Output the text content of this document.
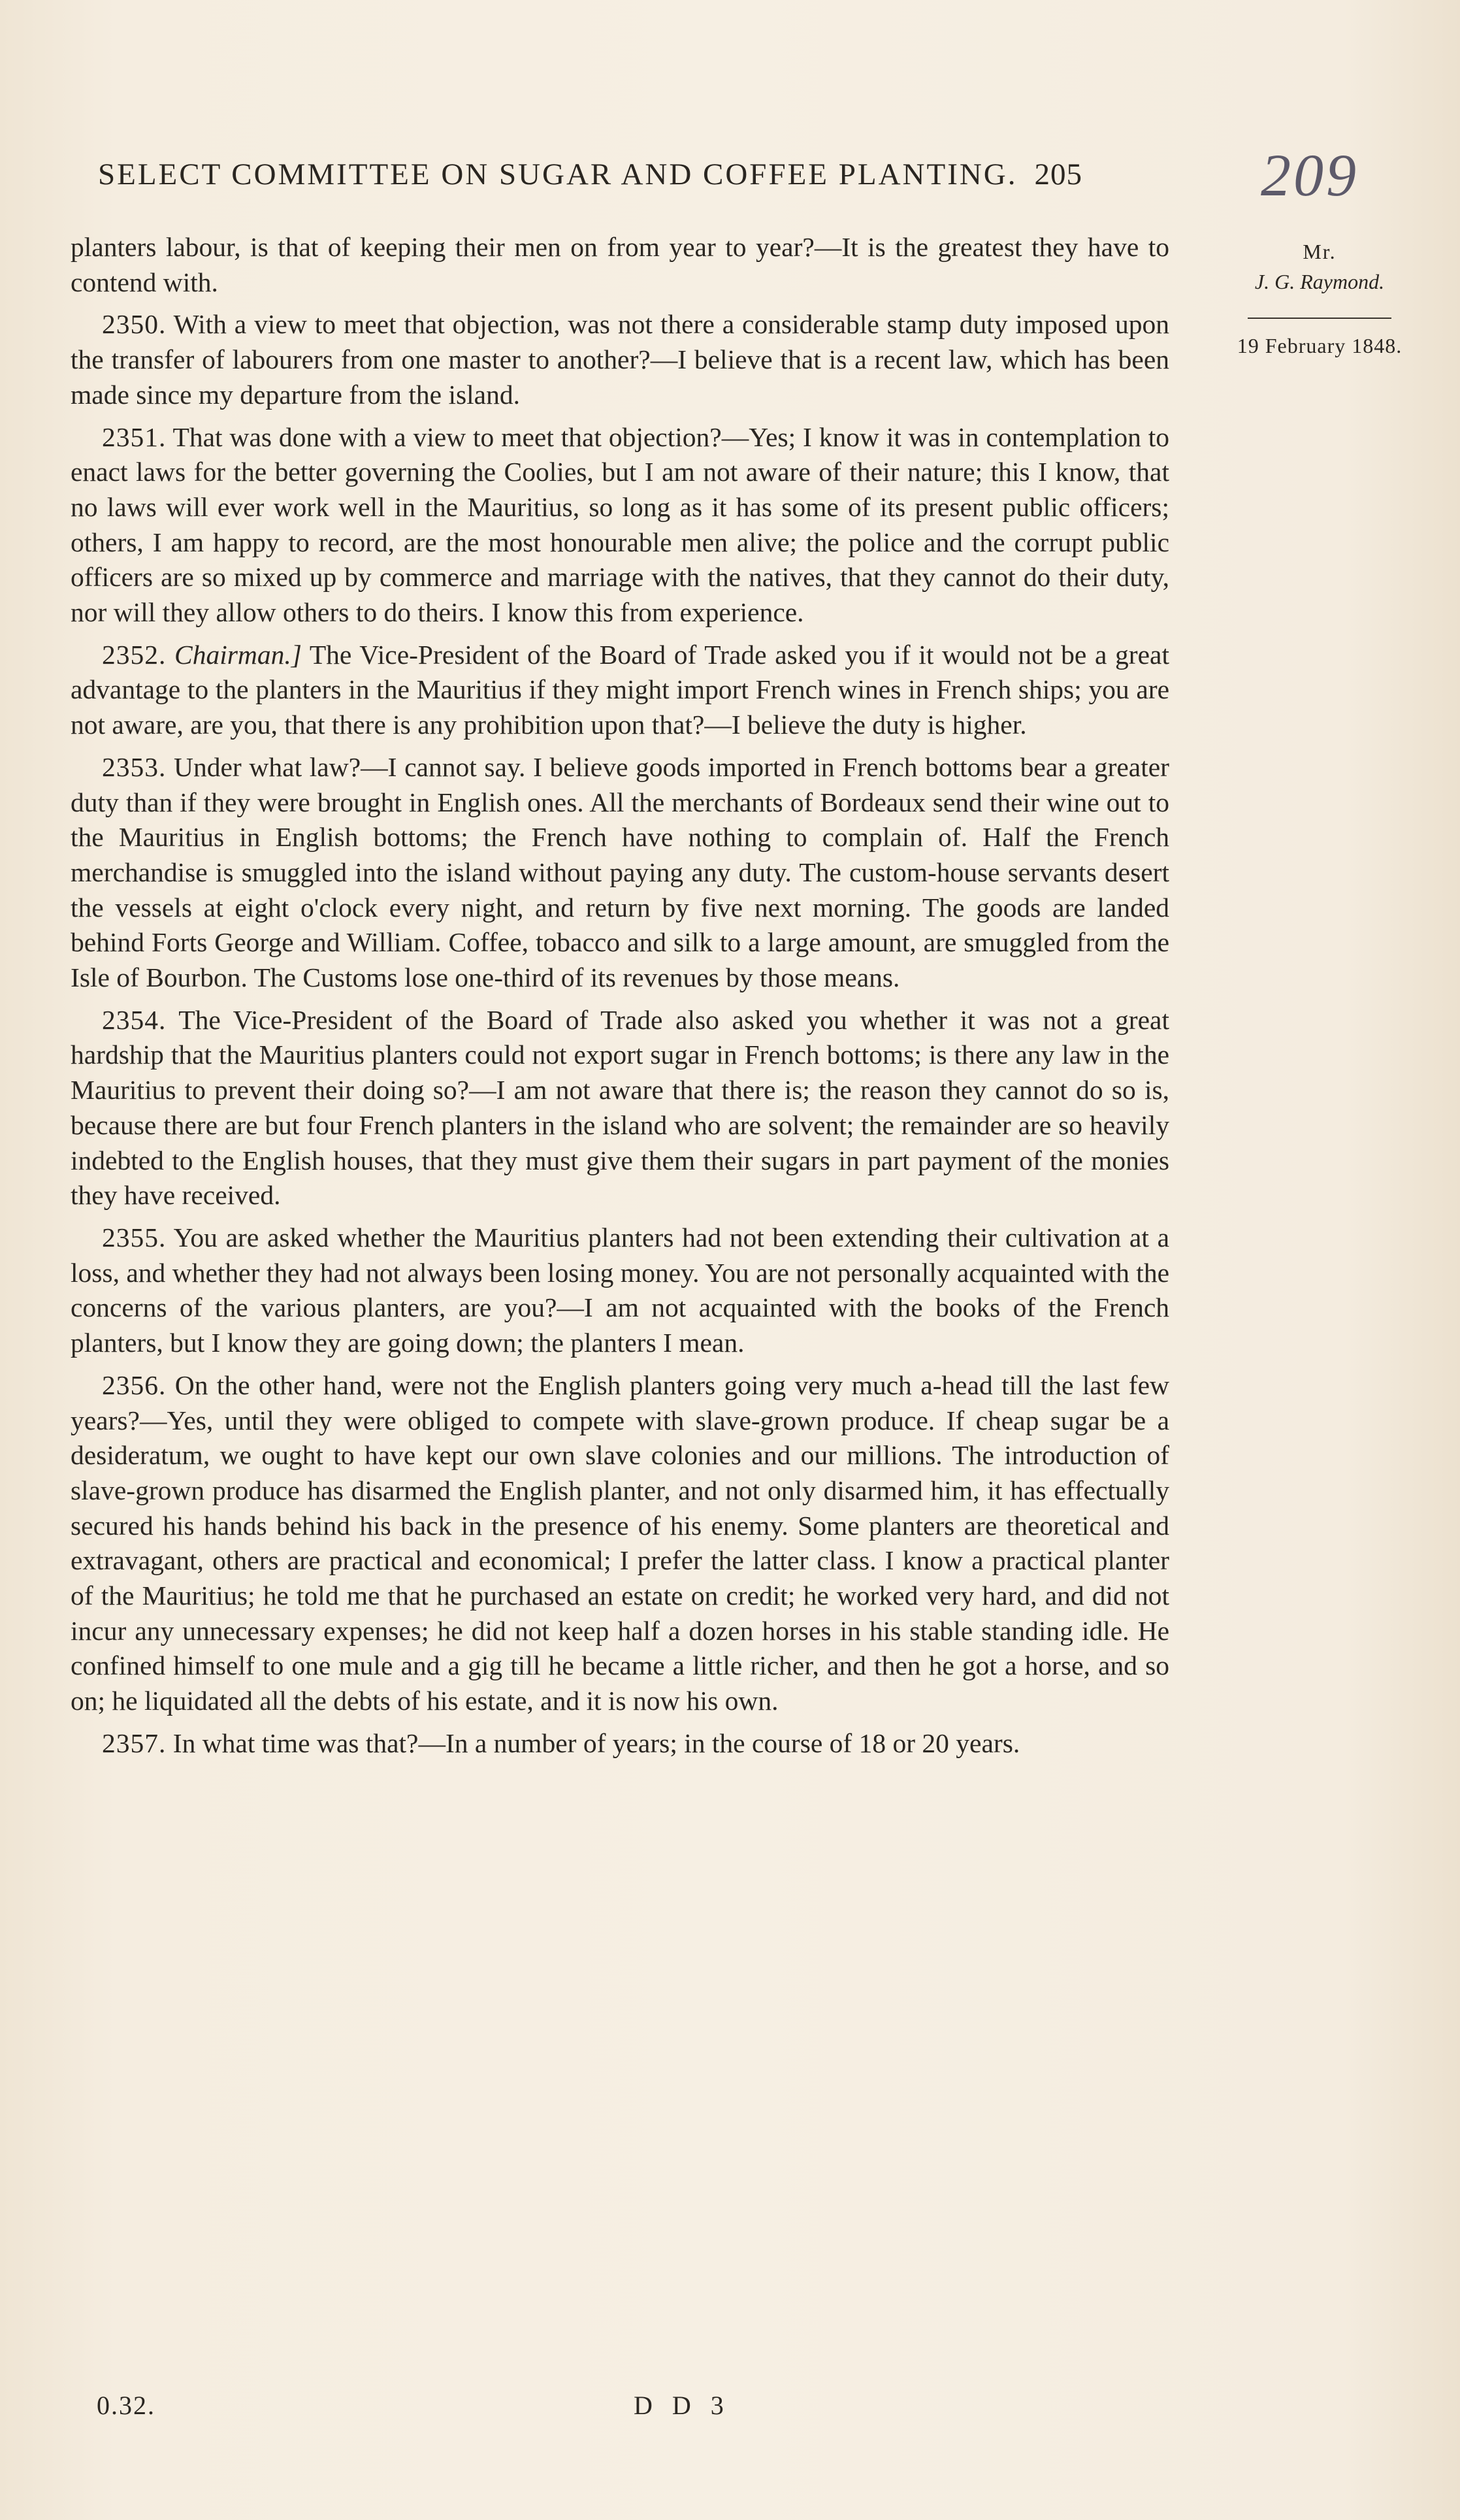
SELECT COMMITTEE ON SUGAR AND COFFEE PLANTING. 205	209
Mr.
J. G. Raymond.
19 February 1848.

planters labour, is that of keeping their men on from year to year?—It is the greatest they have to contend with.

2350. With a view to meet that objection, was not there a considerable stamp duty imposed upon the transfer of labourers from one master to another?—I believe that is a recent law, which has been made since my departure from the island.

2351. That was done with a view to meet that objection?—Yes; I know it was in contemplation to enact laws for the better governing the Coolies, but I am not aware of their nature; this I know, that no laws will ever work well in the Mauritius, so long as it has some of its present public officers; others, I am happy to record, are the most honourable men alive; the police and the corrupt public officers are so mixed up by commerce and marriage with the natives, that they cannot do their duty, nor will they allow others to do theirs. I know this from experience.

2352. Chairman.] The Vice-President of the Board of Trade asked you if it would not be a great advantage to the planters in the Mauritius if they might import French wines in French ships; you are not aware, are you, that there is any prohibition upon that?—I believe the duty is higher.

2353. Under what law?—I cannot say. I believe goods imported in French bottoms bear a greater duty than if they were brought in English ones. All the merchants of Bordeaux send their wine out to the Mauritius in English bottoms; the French have nothing to complain of. Half the French merchandise is smuggled into the island without paying any duty. The custom-house servants desert the vessels at eight o'clock every night, and return by five next morning. The goods are landed behind Forts George and William. Coffee, tobacco and silk to a large amount, are smuggled from the Isle of Bourbon. The Customs lose one-third of its revenues by those means.

2354. The Vice-President of the Board of Trade also asked you whether it was not a great hardship that the Mauritius planters could not export sugar in French bottoms; is there any law in the Mauritius to prevent their doing so?—I am not aware that there is; the reason they cannot do so is, because there are but four French planters in the island who are solvent; the remainder are so heavily indebted to the English houses, that they must give them their sugars in part payment of the monies they have received.

2355. You are asked whether the Mauritius planters had not been extending their cultivation at a loss, and whether they had not always been losing money. You are not personally acquainted with the concerns of the various planters, are you?—I am not acquainted with the books of the French planters, but I know they are going down; the planters I mean.

2356. On the other hand, were not the English planters going very much a-head till the last few years?—Yes, until they were obliged to compete with slave-grown produce. If cheap sugar be a desideratum, we ought to have kept our own slave colonies and our millions. The introduction of slave-grown produce has disarmed the English planter, and not only disarmed him, it has effectually secured his hands behind his back in the presence of his enemy. Some planters are theoretical and extravagant, others are practical and economical; I prefer the latter class. I know a practical planter of the Mauritius; he told me that he purchased an estate on credit; he worked very hard, and did not incur any unnecessary expenses; he did not keep half a dozen horses in his stable standing idle. He confined himself to one mule and a gig till he became a little richer, and then he got a horse, and so on; he liquidated all the debts of his estate, and it is now his own.

2357. In what time was that?—In a number of years; in the course of 18 or 20 years.

0.32.	D D 3
